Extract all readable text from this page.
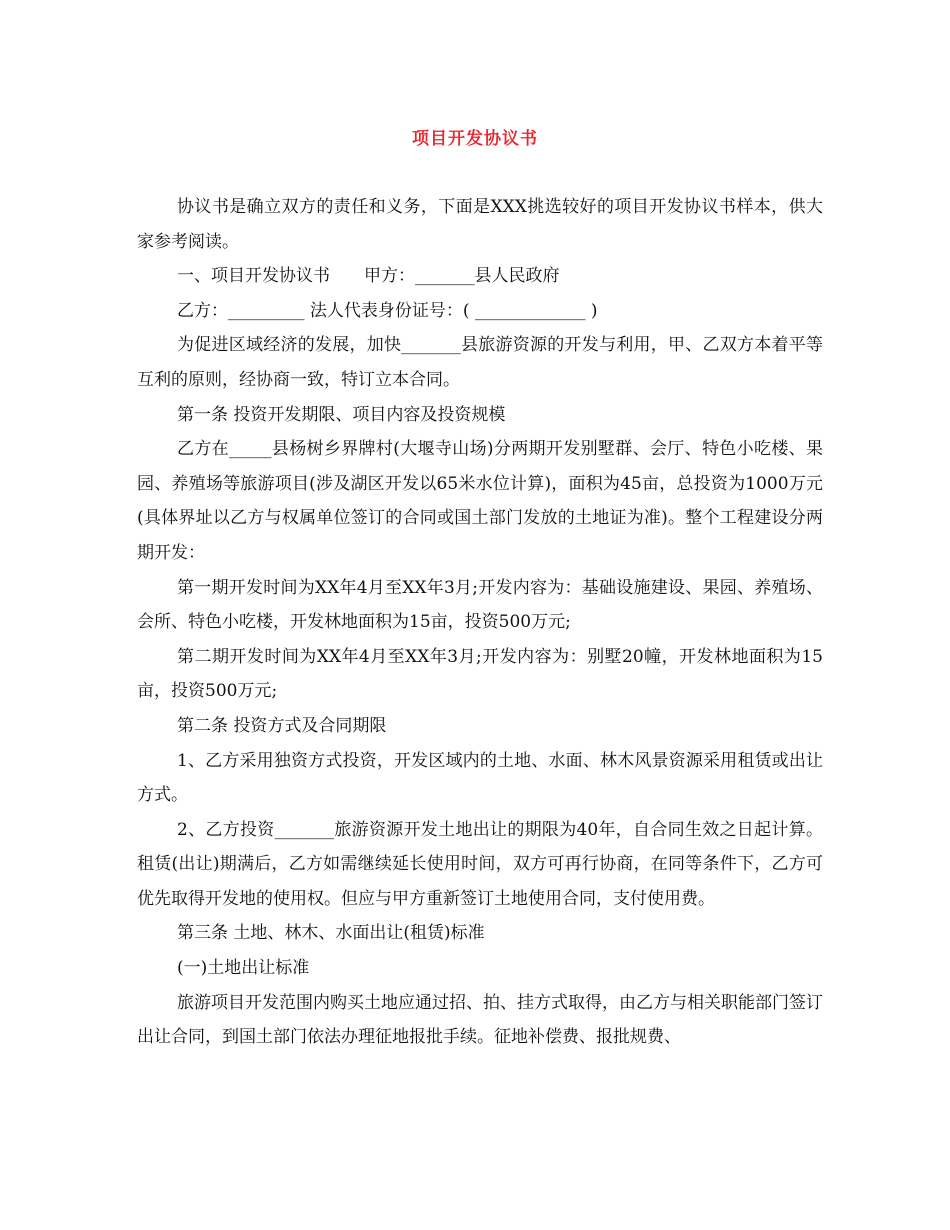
项目开发协议书

协议书是确立双方的责任和义务，下面是XXX挑选较好的项目开发协议书样本，供大家参考阅读。

一、项目开发协议书　　甲方：_______县人民政府

乙方：_________ 法人代表身份证号：( _____________ )

为促进区域经济的发展，加快_______县旅游资源的开发与利用，甲、乙双方本着平等互利的原则，经协商一致，特订立本合同。

第一条 投资开发期限、项目内容及投资规模

乙方在_____县杨树乡界牌村(大堰寺山场)分两期开发别墅群、会厅、特色小吃楼、果园、养殖场等旅游项目(涉及湖区开发以65米水位计算)，面积为45亩，总投资为1000万元(具体界址以乙方与权属单位签订的合同或国土部门发放的土地证为准)。整个工程建设分两期开发：

第一期开发时间为XX年4月至XX年3月;开发内容为：基础设施建设、果园、养殖场、会所、特色小吃楼，开发林地面积为15亩，投资500万元;

第二期开发时间为XX年4月至XX年3月;开发内容为：别墅20幢，开发林地面积为15亩，投资500万元;

第二条 投资方式及合同期限

1、乙方采用独资方式投资，开发区域内的土地、水面、林木风景资源采用租赁或出让方式。

2、乙方投资_______旅游资源开发土地出让的期限为40年，自合同生效之日起计算。租赁(出让)期满后，乙方如需继续延长使用时间，双方可再行协商，在同等条件下，乙方可优先取得开发地的使用权。但应与甲方重新签订土地使用合同，支付使用费。

第三条 土地、林木、水面出让(租赁)标准

(一)土地出让标准

旅游项目开发范围内购买土地应通过招、拍、挂方式取得，由乙方与相关职能部门签订出让合同，到国土部门依法办理征地报批手续。征地补偿费、报批规费、
